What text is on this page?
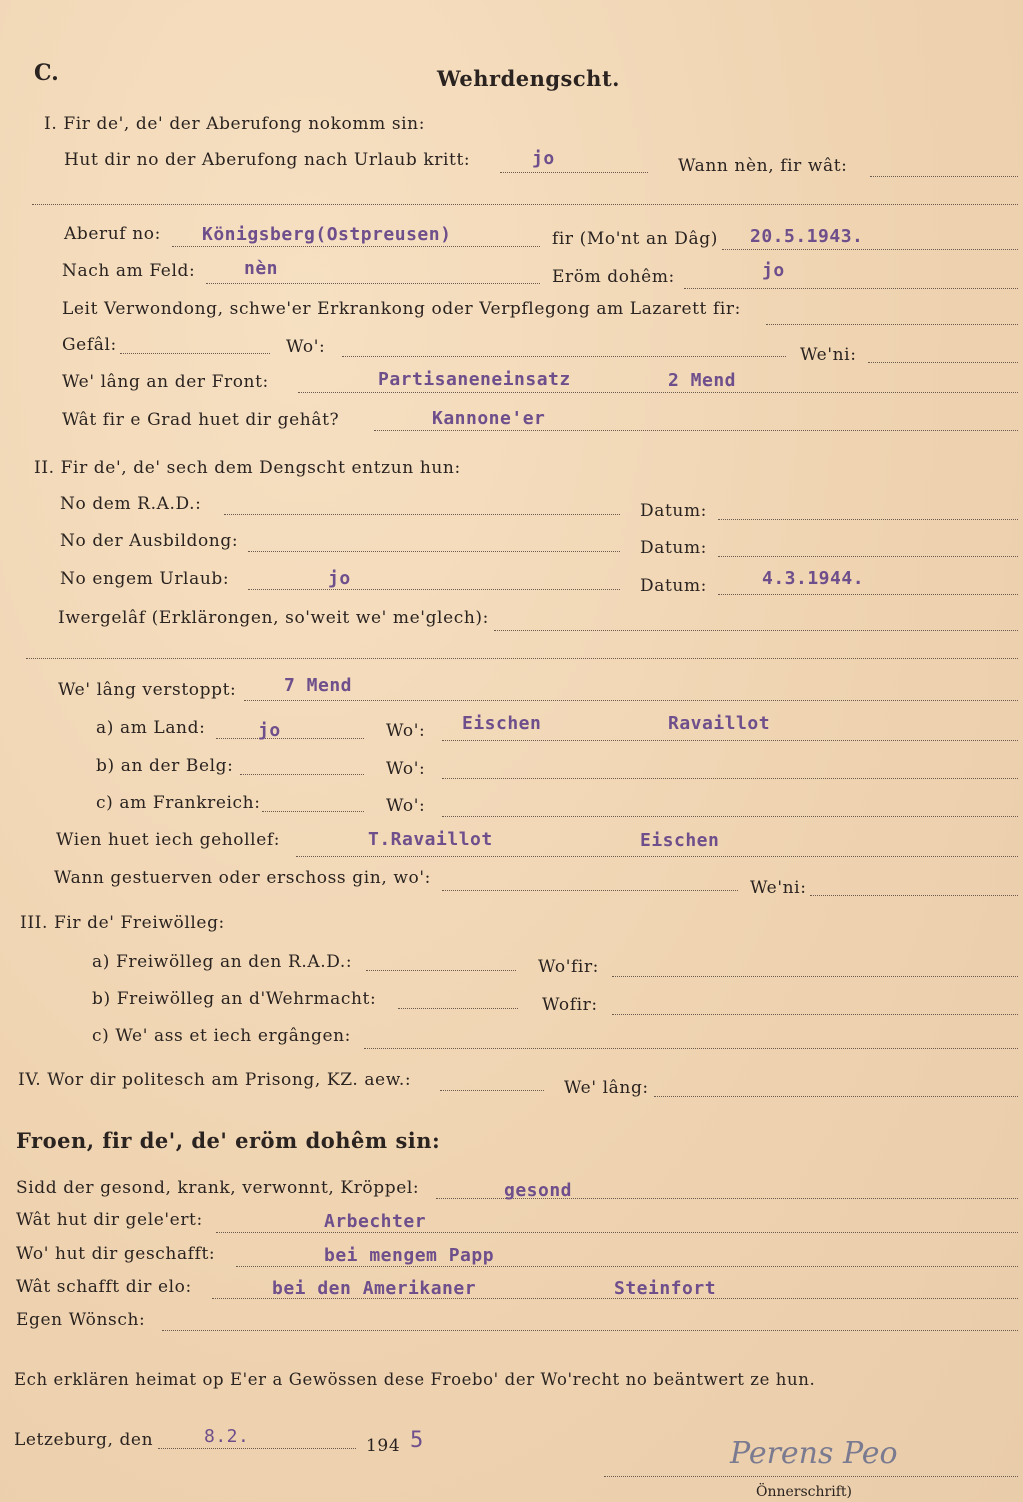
C.	Wehrdengscht.
I. Fir de', de' der Aberufong nokomm sin:
Hut dir no der Aberufong nach Urlaub kritt:	jo	Wann nèn, fir wât:
Aberuf no: Königsberg(Ostpreusen)	fir (Mo'nt an Dâg) 20.5.1943.
Nach am Feld:	nèn	Eröm dohêm:	jo
Leit Verwondong, schwe'er Erkrankong oder Verpflegong am Lazarett fir:
Gefâl:	Wo':	We'ni:
We' lâng an der Front:	Partisaneneinsatz	2 Mend
Wât fir e Grad huet dir gehât?	Kannone'er
II. Fir de', de' sech dem Dengscht entzun hun:
No dem R.A.D.:	Datum:
No der Ausbildong:	Datum:
No engem Urlaub:	jo	Datum:	4.3.1944.
Iwergelâf (Erklärongen, so'weit we' me'glech):
We' lâng verstoppt:	7 Mend
a) am Land:	jo	Wo': Eischen	Ravaillot
b) an der Belg:	Wo':
c) am Frankreich:	Wo':
Wien huet iech gehollef:	T.Ravaillot	Eischen
Wann gestuerven oder erschoss gin, wo':	We'ni:
III. Fir de' Freiwölleg:
a) Freiwölleg an den R.A.D.:	Wo'fir:
b) Freiwölleg an d'Wehrmacht:	Wofir:
c) We' ass et iech ergângen:
IV. Wor dir politesch am Prisong, KZ. aew.:	We' lâng:
Froen, fir de', de' eröm dohêm sin:
Sidd der gesond, krank, verwonnt, Kröppel:	gesond
Wât hut dir gele'ert:	Arbechter
Wo' hut dir geschafft:	bei mengem Papp
Wât schafft dir elo:	bei den Amerikaner	Steinfort
Egen Wönsch:
Ech erklären heimat op E'er a Gewössen dese Froebo' der Wo'recht no beäntwert ze hun.
Letzeburg, den	8.2.	194 5	Perens Peo
Önnerschrift)
